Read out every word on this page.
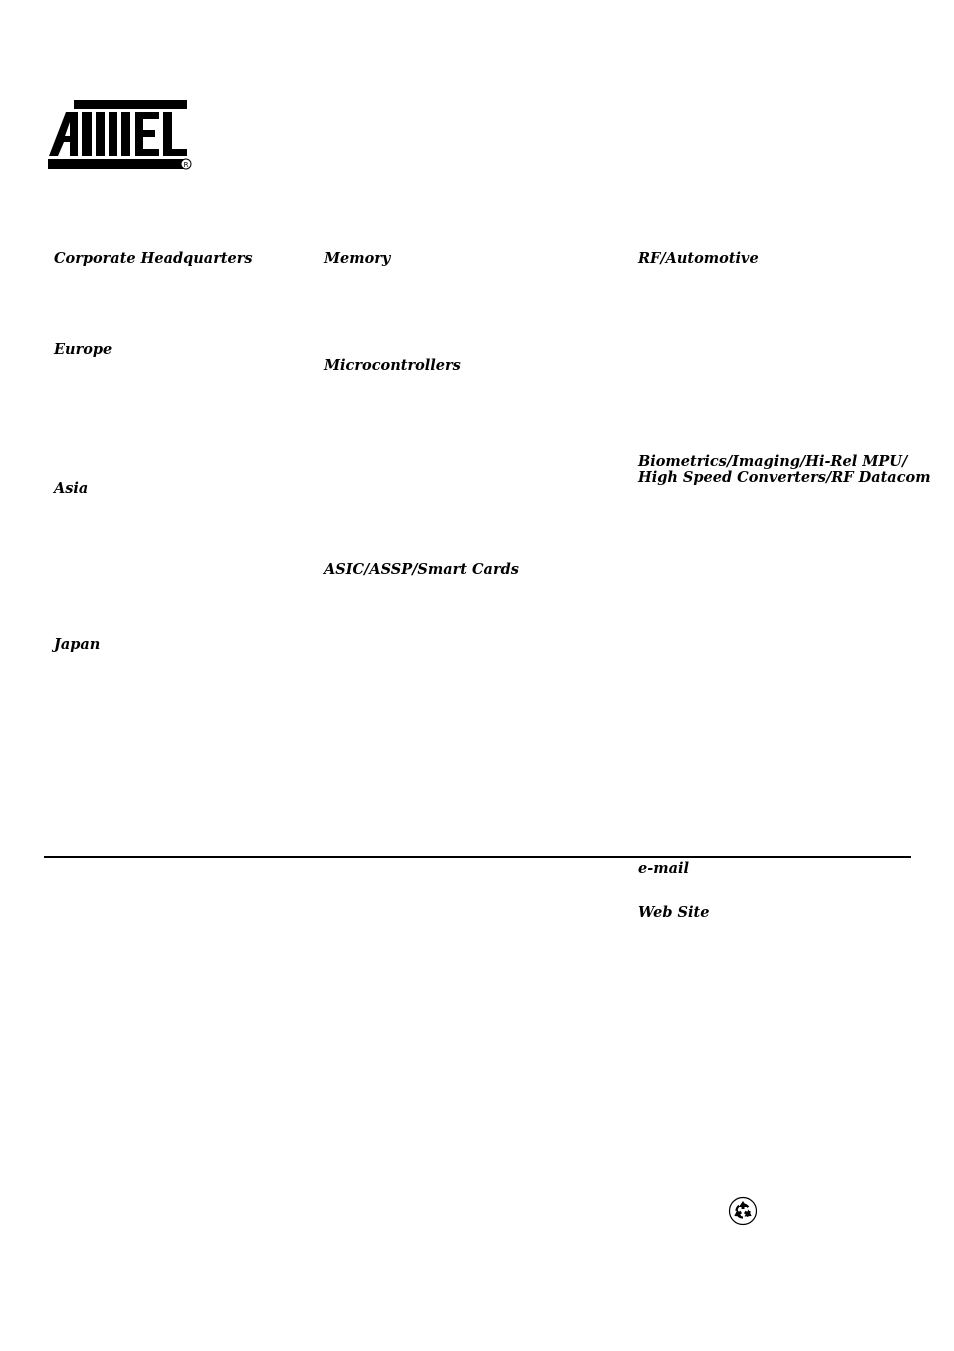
R

Corporate Headquarters

Europe

Asia

Japan

Memory

Microcontrollers

ASIC/ASSP/Smart Cards

RF/Automotive

Biometrics/Imaging/Hi-Rel MPU/
High Speed Converters/RF Datacom

e-mail

Web Site
